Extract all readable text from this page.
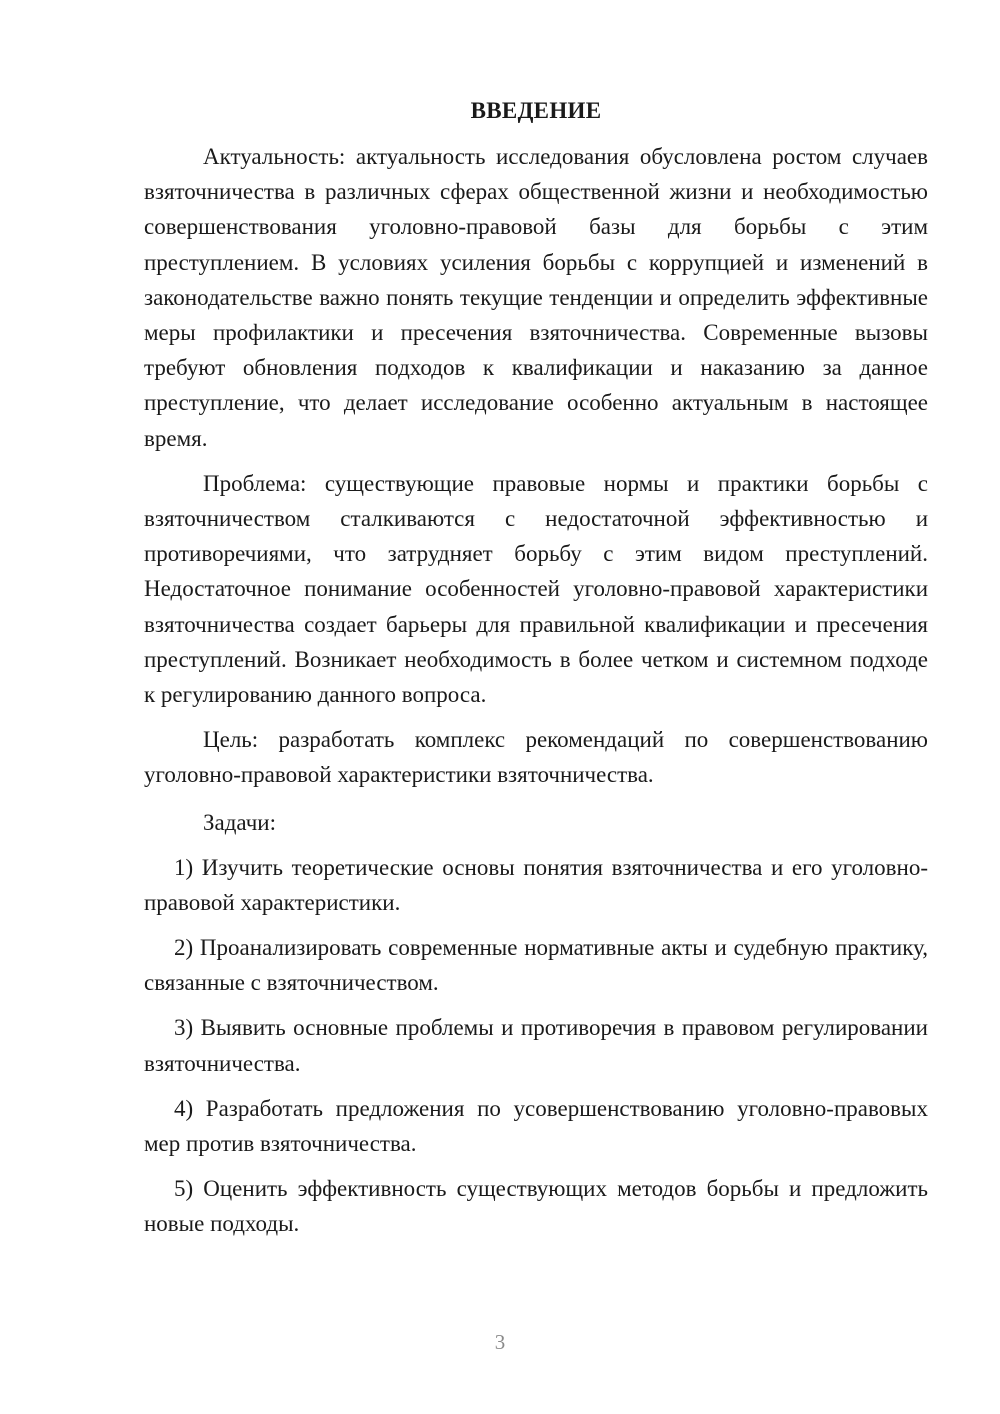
ВВЕДЕНИЕ

Актуальность: актуальность исследования обусловлена ростом случаев взяточничества в различных сферах общественной жизни и необходимостью совершенствования уголовно-правовой базы для борьбы с этим преступлением. В условиях усиления борьбы с коррупцией и изменений в законодательстве важно понять текущие тенденции и определить эффективные меры профилактики и пресечения взяточничества. Современные вызовы требуют обновления подходов к квалификации и наказанию за данное преступление, что делает исследование особенно актуальным в настоящее время.

Проблема: существующие правовые нормы и практики борьбы с взяточничеством сталкиваются с недостаточной эффективностью и противоречиями, что затрудняет борьбу с этим видом преступлений. Недостаточное понимание особенностей уголовно-правовой характеристики взяточничества создает барьеры для правильной квалификации и пресечения преступлений. Возникает необходимость в более четком и системном подходе к регулированию данного вопроса.

Цель: разработать комплекс рекомендаций по совершенствованию уголовно-правовой характеристики взяточничества.

Задачи:

1) Изучить теоретические основы понятия взяточничества и его уголовно-правовой характеристики.
2) Проанализировать современные нормативные акты и судебную практику, связанные с взяточничеством.
3) Выявить основные проблемы и противоречия в правовом регулировании взяточничества.
4) Разработать предложения по усовершенствованию уголовно-правовых мер против взяточничества.
5) Оценить эффективность существующих методов борьбы и предложить новые подходы.
3
